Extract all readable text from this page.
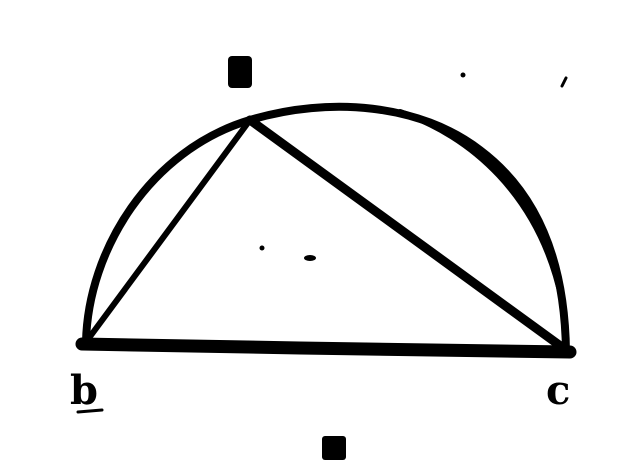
b	c
